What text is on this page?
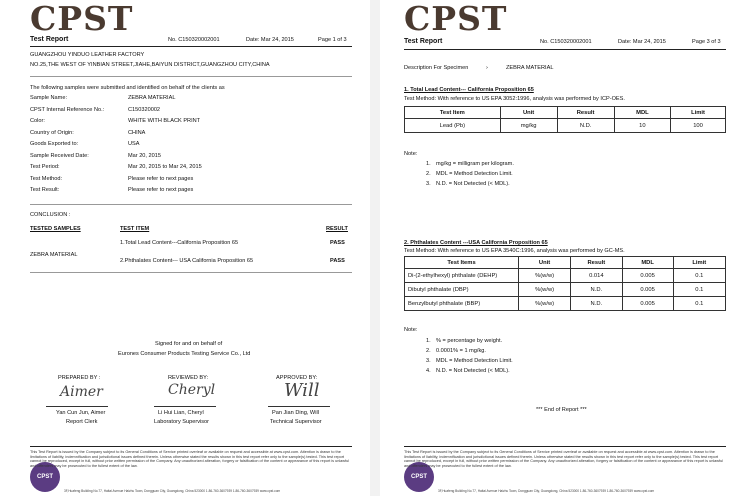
CPST
Test Report	No. C150320002001	Date: Mar 24, 2015	Page 1 of 3
GUANGZHOU YINDUO LEATHER FACTORY
NO.25,THE WEST OF YINBIAN STREET,JIAHE,BAIYUN DISTRICT,GUANGZHOU CITY,CHINA
The following samples were submitted and identified on behalf of the clients as
Sample Name:	ZEBRA MATERIAL
CPST Internal Reference No.:	C150320002
Color:	WHITE WITH BLACK PRINT
Country of Origin:	CHINA
Goods Exported to:	USA
Sample Received Date:	Mar 20, 2015
Test Period:	Mar 20, 2015 to Mar 24, 2015
Test Method:	Please refer to next pages
Test Result:	Please refer to next pages
CONCLUSION :
TESTED SAMPLES	TEST ITEM	RESULT
ZEBRA MATERIAL
1.Total Lead Content---California Proposition 65	PASS
2.Phthalates Content--- USA California Proposition 65	PASS
Signed for and on behalf of
Eurones Consumer Products Testing Service Co., Ltd
PREPARED BY :
Aimer
Yan Cun Jun, Aimer
Report Clerk
REVIEWED BY:
Cheryl
Li Hui Lian, Cheryl
Laboratory Supervisor
APPROVED BY:
Will
Pan Jian Ding, Will
Technical Supervisor
CPST
This Test Report is issued by the Company subject to its General Conditions of Service printed overleaf or available on request and accessible at www.cpst.com. Attention is drawn to the limitations of liability, indemnification and jurisdictional issues defined therein. Unless otherwise stated the results shown in this test report refer only to the sample(s) tested. This test report cannot be reproduced, except in full, without prior written permission of the Company. Any unauthorized alteration, forgery or falsification of the content or appearance of this report is unlawful and offenders may be prosecuted to the fullest extent of the law.
3F,Huafeng Building No.77, Haitai Avenue Haizhu Town, Dongguan City, Guangdong, China 523000 1.86-760-3607939 1.86-760-3607939 www.cpst.com
CPST
Test Report	No. C150320002001	Date: Mar 24, 2015	Page 3 of 3
Description For Specimen	›	ZEBRA MATERIAL
1. Total Lead Content--- California Proposition 65
Test Method: With reference to US EPA 3052:1996, analysis was performed by ICP-OES.
Test Item	Unit	Result	MDL	Limit
Lead (Pb)	mg/kg	N.D.	10	100
Note:
1. mg/kg = milligram per kilogram.
2. MDL = Method Detection Limit.
3. N.D. = Not Detected (< MDL).
2. Phthalates Content ---USA California Proposition 65
Test Method: With reference to US EPA 3540C:1996, analysis was performed by GC-MS.
Test Items	Unit	Result	MDL	Limit
Di-(2-ethylhexyl) phthalate (DEHP)	%(w/w)	0.014	0.005	0.1
Dibutyl phthalate (DBP)	%(w/w)	N.D.	0.005	0.1
Benzylbutyl phthalate (BBP)	%(w/w)	N.D.	0.005	0.1
Note:
1. % = percentage by weight.
2. 0.0001% = 1 mg/kg.
3. MDL = Method Detection Limit.
4. N.D. = Not Detected (< MDL).
*** End of Report ***
CPST
This Test Report is issued by the Company subject to its General Conditions of Service printed overleaf or available on request and accessible at www.cpst.com. Attention is drawn to the limitations of liability, indemnification and jurisdictional issues defined therein. Unless otherwise stated the results shown in this test report refer only to the sample(s) tested. This test report cannot be reproduced, except in full, without prior written permission of the Company. Any unauthorized alteration, forgery or falsification of the content or appearance of this report is unlawful and offenders may be prosecuted to the fullest extent of the law.
3F,Huafeng Building No.77, Haitai Avenue Haizhu Town, Dongguan City, Guangdong, China 523000 1.86-760-3607939 1.86-760-3607939 www.cpst.com
